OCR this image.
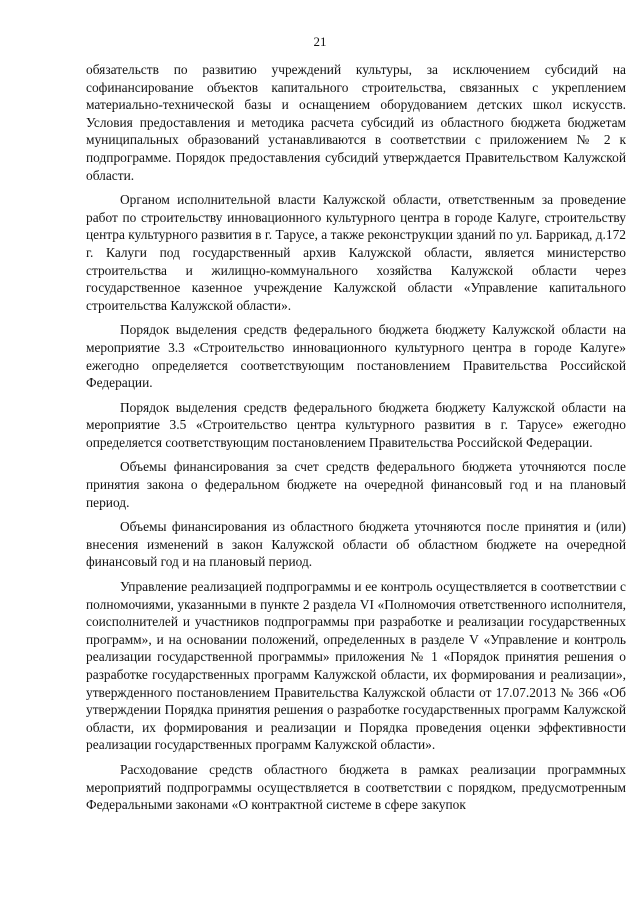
21

обязательств по развитию учреждений культуры, за исключением субсидий на софинансирование объектов капитального строительства, связанных с укреплением материально-технической базы и оснащением оборудованием детских школ искусств. Условия предоставления и методика расчета субсидий из областного бюджета бюджетам муниципальных образований устанавливаются в соответствии с приложением № 2 к подпрограмме. Порядок предоставления субсидий утверждается Правительством Калужской области.

Органом исполнительной власти Калужской области, ответственным за проведение работ по строительству инновационного культурного центра в городе Калуге, строительству центра культурного развития в г. Тарусе, а также реконструкции зданий по ул. Баррикад, д.172 г. Калуги под государственный архив Калужской области, является министерство строительства и жилищно-коммунального хозяйства Калужской области через государственное казенное учреждение Калужской области «Управление капитального строительства Калужской области».

Порядок выделения средств федерального бюджета бюджету Калужской области на мероприятие 3.3 «Строительство инновационного культурного центра в городе Калуге» ежегодно определяется соответствующим постановлением Правительства Российской Федерации.

Порядок выделения средств федерального бюджета бюджету Калужской области на мероприятие 3.5 «Строительство центра культурного развития в г. Тарусе» ежегодно определяется соответствующим постановлением Правительства Российской Федерации.

Объемы финансирования за счет средств федерального бюджета уточняются после принятия закона о федеральном бюджете на очередной финансовый год и на плановый период.

Объемы финансирования из областного бюджета уточняются после принятия и (или) внесения изменений в закон Калужской области об областном бюджете на очередной финансовый год и на плановый период.

Управление реализацией подпрограммы и ее контроль осуществляется в соответствии с полномочиями, указанными в пункте 2 раздела VI «Полномочия ответственного исполнителя, соисполнителей и участников подпрограммы при разработке и реализации государственных программ», и на основании положений, определенных в разделе V «Управление и контроль реализации государственной программы» приложения № 1 «Порядок принятия решения о разработке государственных программ Калужской области, их формирования и реализации», утвержденного постановлением Правительства Калужской области от 17.07.2013 № 366 «Об утверждении Порядка принятия решения о разработке государственных программ Калужской области, их формирования и реализации и Порядка проведения оценки эффективности реализации государственных программ Калужской области».

Расходование средств областного бюджета в рамках реализации программных мероприятий подпрограммы осуществляется в соответствии с порядком, предусмотренным Федеральными законами «О контрактной системе в сфере закупок
